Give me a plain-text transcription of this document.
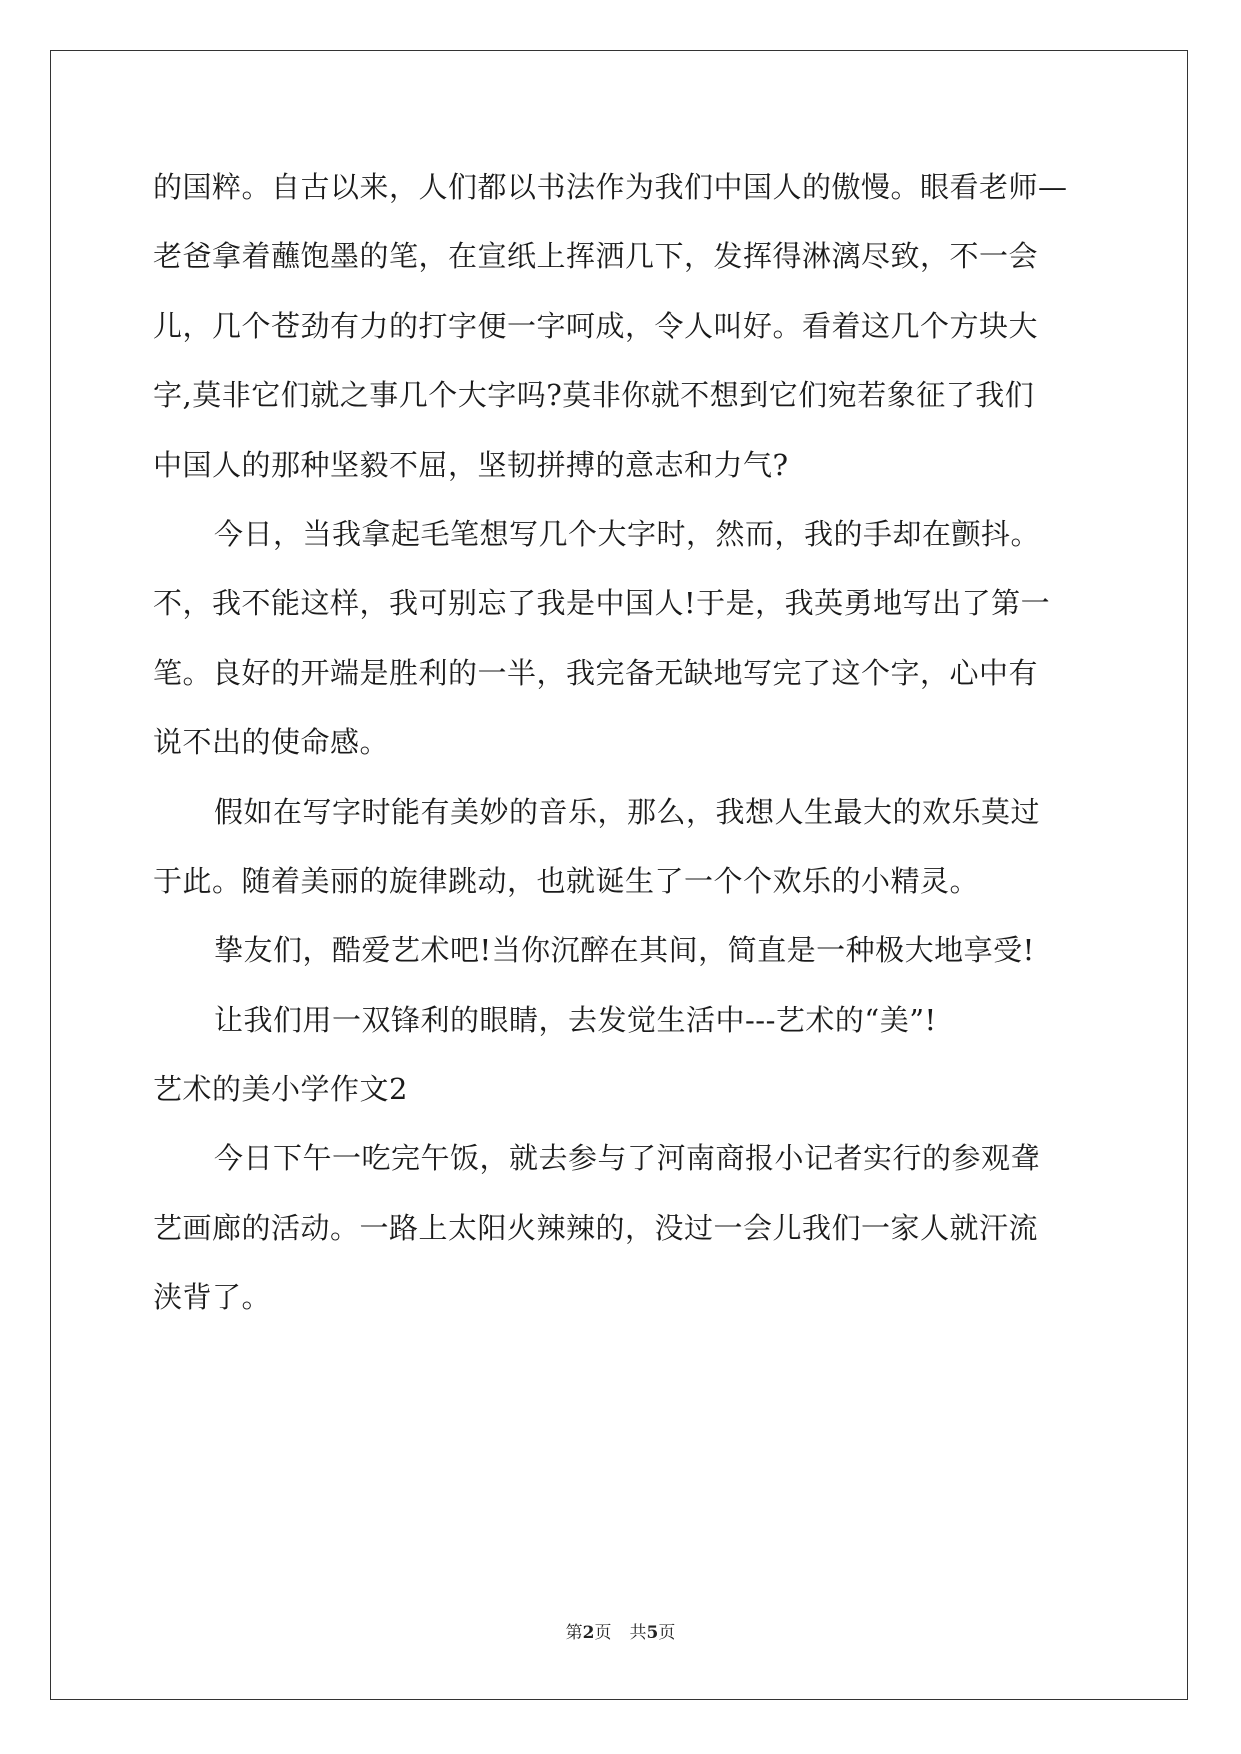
的国粹。自古以来，人们都以书法作为我们中国人的傲慢。眼看老师—
老爸拿着蘸饱墨的笔，在宣纸上挥洒几下，发挥得淋漓尽致，不一会
儿，几个苍劲有力的打字便一字呵成，令人叫好。看着这几个方块大
字,莫非它们就之事几个大字吗?莫非你就不想到它们宛若象征了我们
中国人的那种坚毅不屈，坚韧拼搏的意志和力气?
今日，当我拿起毛笔想写几个大字时，然而，我的手却在颤抖。
不，我不能这样，我可别忘了我是中国人!于是，我英勇地写出了第一
笔。良好的开端是胜利的一半，我完备无缺地写完了这个字，心中有
说不出的使命感。
假如在写字时能有美妙的音乐，那么，我想人生最大的欢乐莫过
于此。随着美丽的旋律跳动，也就诞生了一个个欢乐的小精灵。
挚友们，酷爱艺术吧!当你沉醉在其间，简直是一种极大地享受!
让我们用一双锋利的眼睛，去发觉生活中---艺术的“美”!
艺术的美小学作文2
今日下午一吃完午饭，就去参与了河南商报小记者实行的参观聋
艺画廊的活动。一路上太阳火辣辣的，没过一会儿我们一家人就汗流
浃背了。
第2页 共5页
